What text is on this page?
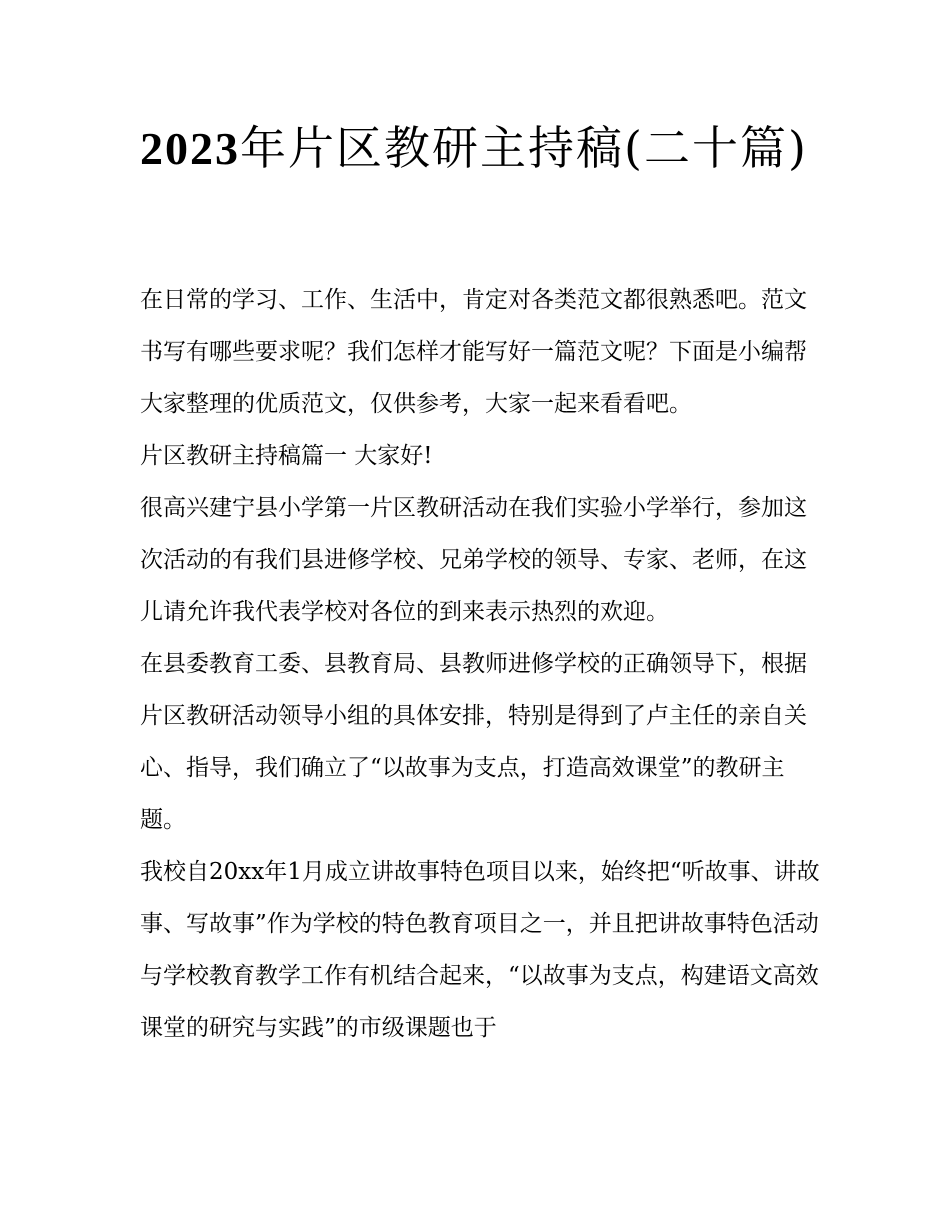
2023年片区教研主持稿(二十篇)

在日常的学习、工作、生活中，肯定对各类范文都很熟悉吧。范文书写有哪些要求呢？我们怎样才能写好一篇范文呢？下面是小编帮大家整理的优质范文，仅供参考，大家一起来看看吧。

片区教研主持稿篇一 大家好!

很高兴建宁县小学第一片区教研活动在我们实验小学举行，参加这次活动的有我们县进修学校、兄弟学校的领导、专家、老师，在这儿请允许我代表学校对各位的到来表示热烈的欢迎。

在县委教育工委、县教育局、县教师进修学校的正确领导下，根据片区教研活动领导小组的具体安排，特别是得到了卢主任的亲自关心、指导，我们确立了“以故事为支点，打造高效课堂”的教研主题。

我校自20xx年1月成立讲故事特色项目以来，始终把“听故事、讲故事、写故事”作为学校的特色教育项目之一，并且把讲故事特色活动与学校教育教学工作有机结合起来，“以故事为支点，构建语文高效课堂的研究与实践”的市级课题也于
